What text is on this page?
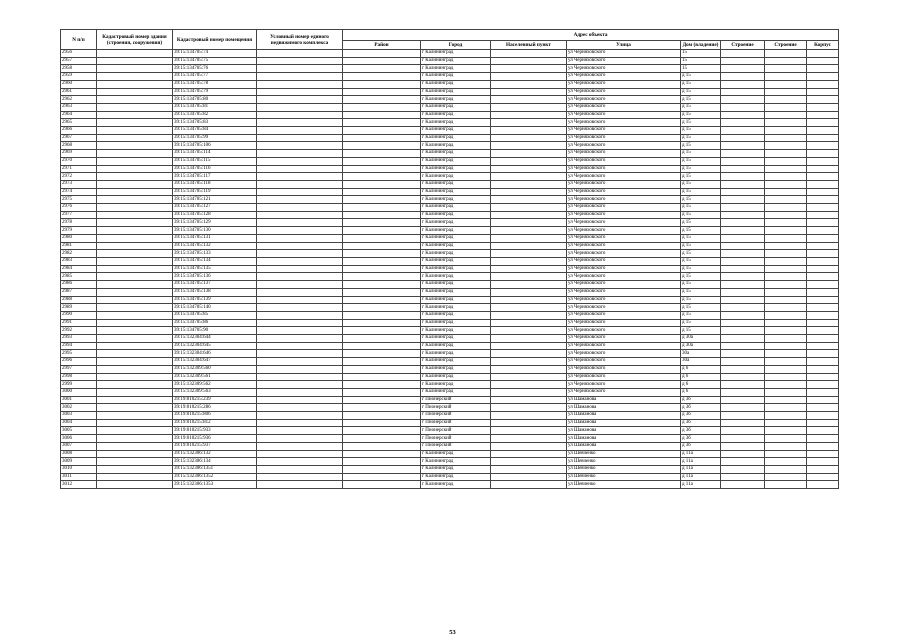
N п/п	Кадастровый номер здания (строения, сооружения)	Кадастровый номер помещения	Условный номер единого недвижимого комплекса	Адрес объекта							
				Район	Город	Населенный пункт	Улица	Дом (владение)	Строение	Строение	Корпус
2956		39:15:134705:74			г Калининград		ул Черняховского	15			
2957		39:15:134705:75			г Калининград		ул Черняховского	15			
2958		39:15:134705:76			г Калининград		ул Черняховского	15			
2959		39:15:134705:77			г Калининград		ул Черняховского	д 15			
2960		39:15:134705:78			г Калининград		ул Черняховского	д 15			
2961		39:15:134705:79			г Калининград		ул Черняховского	д 15			
2962		39:15:134705:80			г Калининград		ул Черняховского	д 15			
2963		39:15:134705:81			г Калининград		ул Черняховского	д 15			
2964		39:15:134705:82			г Калининград		ул Черняховского	д 15			
2965		39:15:134705:83			г Калининград		ул Черняховского	д 15			
2966		39:15:134705:84			г Калининград		ул Черняховского	д 15			
2967		39:15:134705:99			г Калининград		ул Черняховского	д 15			
2968		39:15:134705:106			г Калининград		ул Черняховского	д 15			
2969		39:15:134705:114			г Калининград		ул Черняховского	д 15			
2970		39:15:134705:115			г Калининград		ул Черняховского	д 15			
2971		39:15:134705:116			г Калининград		ул Черняховского	д 15			
2972		39:15:134705:117			г Калининград		ул Черняховского	д 15			
2973		39:15:134705:118			г Калининград		ул Черняховского	д 15			
2974		39:15:134705:119			г Калининград		ул Черняховского	д 15			
2975		39:15:134705:121			г Калининград		ул Черняховского	д 15			
2976		39:15:134705:127			г Калининград		ул Черняховского	д 15			
2977		39:15:134705:128			г Калининград		ул Черняховского	д 15			
2978		39:15:134705:129			г Калининград		ул Черняховского	д 15			
2979		39:15:134705:130			г Калининград		ул Черняховского	д 15			
2980		39:15:134705:131			г Калининград		ул Черняховского	д 15			
2981		39:15:134705:132			г Калининград		ул Черняховского	д 15			
2982		39:15:134705:133			г Калининград		ул Черняховского	д 15			
2983		39:15:134705:134			г Калининград		ул Черняховского	д 15			
2984		39:15:134705:135			г Калининград		ул Черняховского	д 15			
2985		39:15:134705:136			г Калининград		ул Черняховского	д 15			
2986		39:15:134705:137			г Калининград		ул Черняховского	д 15			
2987		39:15:134705:138			г Калининград		ул Черняховского	д 15			
2988		39:15:134705:139			г Калининград		ул Черняховского	д 15			
2989		39:15:134705:140			г Калининград		ул Черняховского	д 15			
2990		39:15:134705:85			г Калининград		ул Черняховского	д 15			
2991		39:15:134705:86			г Калининград		ул Черняховского	д 15			
2992		39:15:134705:90			г Калининград		ул Черняховского	д 15			
2993		39:15:132304:644			г Калининград		ул Черняховского	д 30а			
2994		39:15:132304:645			г Калининград		ул Черняховского	д 30а			
2995		39:15:132304:646			г Калининград		ул Черняховского	30а			
2996		39:15:132304:647			г Калининград		ул Черняховского	30а			
2997		39:15:132309:560			г Калининград		ул Черняховского	д 6			
2998		39:15:132309:561			г Калининград		ул Черняховского	д 6			
2999		39:15:132309:562			г Калининград		ул Черняховского	д 6			
3000		39:15:132309:563			г Калининград		ул Черняховского	д 6			
3001		39:19:010215:239			г Пионерский		ул Шаманова	д 3б			
3002		39:19:010215:286			г Пионерский		ул Шаманова	д 3б			
3003		39:19:010215:806			г Пионерский		ул Шаманова	д 3б			
3004		39:19:010215:812			г Пионерский		ул Шаманова	д 3б			
3005		39:19:010215:933			г Пионерский		ул Шаманова	д 3б			
3006		39:19:010215:936			г Пионерский		ул Шаманова	д 3б			
3007		39:19:010215:937			г Пионерский		ул Шаманова	д 3б			
3008		39:15:132306:132			г Калининград		ул Шевченко	д 11а			
3009		39:15:132306:134			г Калининград		ул Шевченко	д 11а			
3010		39:15:132306:1351			г Калининград		ул Шевченко	д 11а			
3011		39:15:132306:1352			г Калининград		ул Шевченко	д 11а			
3012		39:15:132306:1353			г Калининград		ул Шевченко	д 11а			
53
